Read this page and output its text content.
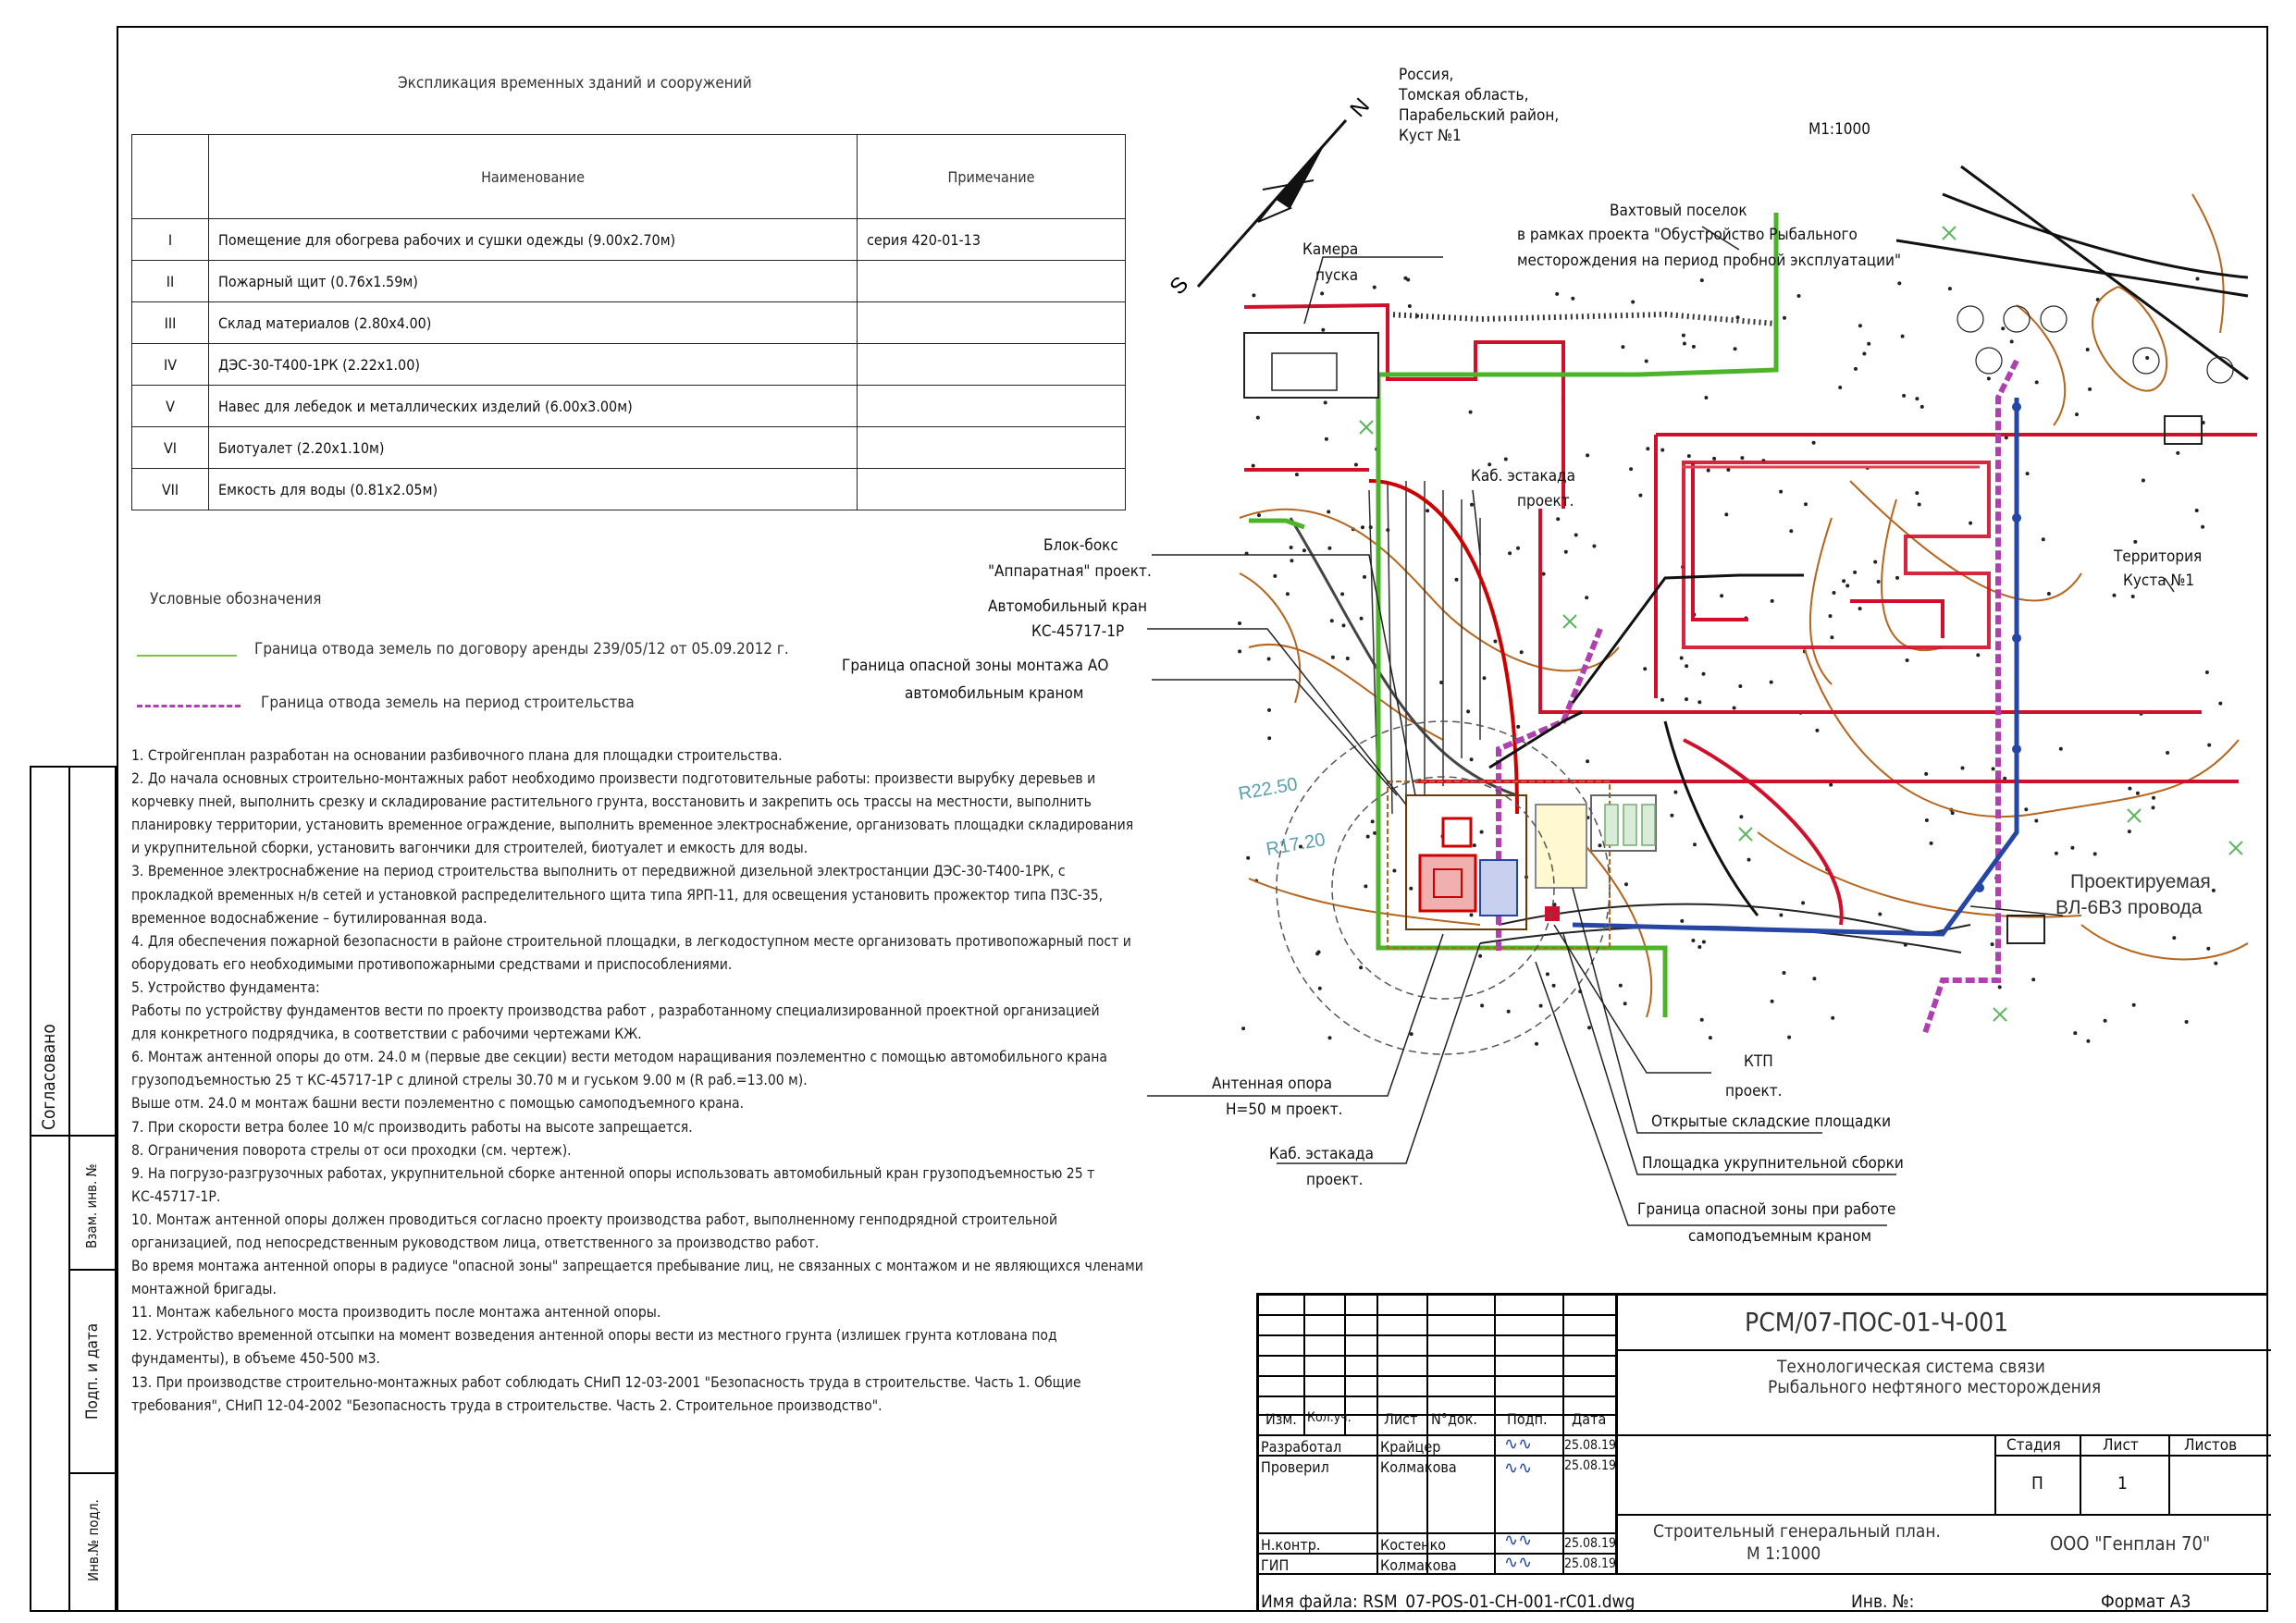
Экспликация временных зданий и сооружений
	Наименование	Примечание
I	Помещение для обогрева рабочих и сушки одежды (9.00х2.70м)	серия 420-01-13
II	Пожарный щит (0.76х1.59м)	
III	Склад материалов (2.80х4.00)	
IV	ДЭС-30-Т400-1РК (2.22х1.00)	
V	Навес для лебедок и металлических изделий (6.00х3.00м)	
VI	Биотуалет (2.20х1.10м)	
VII	Емкость для воды (0.81х2.05м)	
Условные обозначения
Граница отвода земель по договору аренды 239/05/12 от 05.09.2012 г.
Граница отвода земель на период строительства
1. Стройгенплан разработан на основании разбивочного плана для площадки строительства.
2. До начала основных строительно-монтажных работ необходимо произвести подготовительные работы: произвести вырубку деревьев и
корчевку пней, выполнить срезку и складирование растительного грунта, восстановить и закрепить ось трассы на местности, выполнить
планировку территории, установить временное ограждение, выполнить временное электроснабжение, организовать площадки складирования
и укрупнительной сборки, установить вагончики для строителей, биотуалет и емкость для воды.
3. Временное электроснабжение на период строительства выполнить от передвижной дизельной электростанции ДЭС-30-Т400-1РК, с
прокладкой временных н/в сетей и установкой распределительного щита типа ЯРП-11, для освещения установить прожектор типа ПЗС-35,
временное водоснабжение – бутилированная вода.
4. Для обеспечения пожарной безопасности в районе строительной площадки, в легкодоступном месте организовать противопожарный пост и
оборудовать его необходимыми противопожарными средствами и приспособлениями.
5. Устройство фундамента:
Работы по устройству фундаментов вести по проекту производства работ , разработанному специализированной проектной организацией
для конкретного подрядчика, в соответствии с рабочими чертежами КЖ.
6. Монтаж антенной опоры до отм. 24.0 м (первые две секции) вести методом наращивания поэлементно с помощью автомобильного крана
грузоподъемностью 25 т КС-45717-1Р с длиной стрелы 30.70 м и гуськом 9.00 м (R раб.=13.00 м).
Выше отм. 24.0 м монтаж башни вести поэлементно с помощью самоподъемного крана.
7. При скорости ветра более 10 м/с производить работы на высоте запрещается.
8. Ограничения поворота стрелы от оси проходки (см. чертеж).
9. На погрузо-разгрузочных работах, укрупнительной сборке антенной опоры использовать автомобильный кран грузоподъемностью 25 т
КС-45717-1Р.
10. Монтаж антенной опоры должен проводиться согласно проекту производства работ, выполненному генподрядной строительной
организацией, под непосредственным руководством лица, ответственного за производство работ.
Во время монтажа антенной опоры в радиусе "опасной зоны" запрещается пребывание лиц, не связанных с монтажом и не являющихся членами
монтажной бригады.
11. Монтаж кабельного моста производить после монтажа антенной опоры.
12. Устройство временной отсыпки на момент возведения антенной опоры вести из местного грунта (излишек грунта котлована под
фундаменты), в объеме 450-500 м3.
13. При производстве строительно-монтажных работ соблюдать СНиП 12-03-2001 "Безопасность труда в строительстве. Часть 1. Общие
требования", СНиП 12-04-2002 "Безопасность труда в строительстве. Часть 2. Строительное производство".
Согласовано
Взам. инв. №
Подп. и дата
Инв.№ подл.
R22.50
R17.20
N
S
Россия,
Томская область,
Парабельский район,
Куст №1	М1:1000
Камера
пуска
Вахтовый поселок
в рамках проекта "Обустройство Рыбального
месторождения на период пробной эксплуатации"
Каб. эстакада
проект.
Блок-бокс
"Аппаратная" проект.
Автомобильный кран
КС-45717-1Р
Граница опасной зоны монтажа АО
автомобильным краном
Территория
Куста №1
Проектируемая
ВЛ-6В3 провода
Антенная опора
Н=50 м проект.
Каб. эстакада
проект.
КТП
проект.
Открытые складские площадки
Площадка укрупнительной сборки
Граница опасной зоны при работе
самоподъемным краном
РСМ/07-ПОС-01-Ч-001
Технологическая система связи
Рыбального нефтяного месторождения
Изм. Кол.уч. Лист N°док. Подп. Дата
Разработал	Крайцер	25.08.19
Проверил	Колмакова	25.08.19
Н.контр.	Костенко	25.08.19
ГИП	Колмакова	25.08.19
∿∿
∿∿
∿∿
∿∿
Стадия	Лист	Листов
П	1
Строительный генеральный план.
М 1:1000	ООО "Генплан 70"
Имя файла: RSM_07-POS-01-CH-001-rC01.dwg	Инв. №:	Формат А3
